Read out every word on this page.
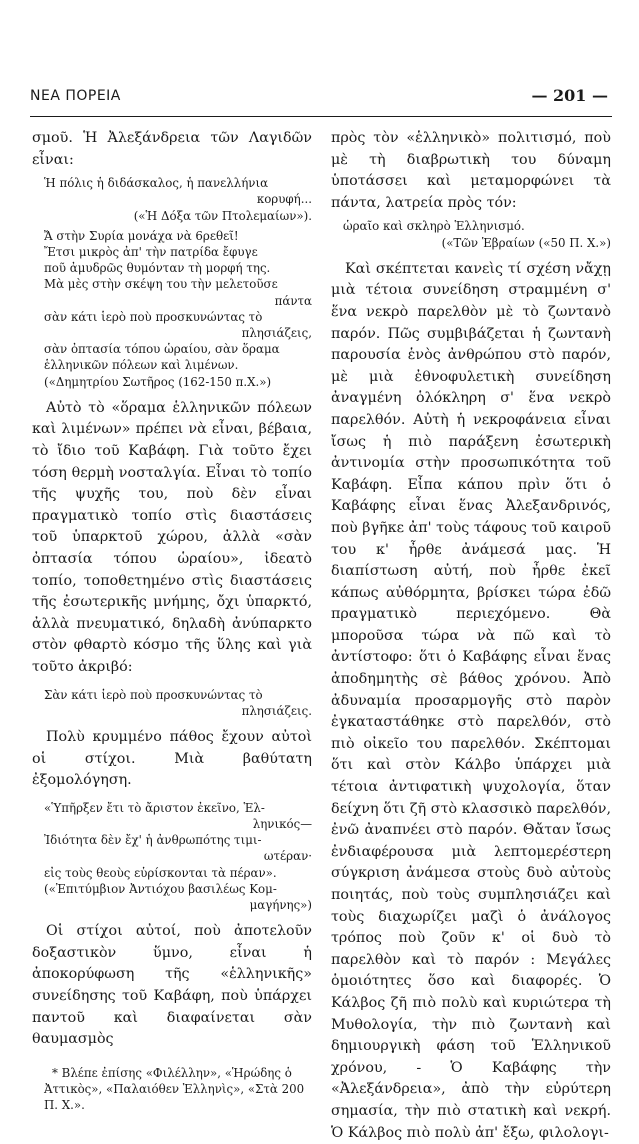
ΝΕΑ ΠΟΡΕΙΑ	— 201 —

σμοῦ. Ἡ Ἀλεξάνδρεια τῶν Λαγιδῶν εἶναι:

Ἡ πόλις ἡ διδάσκαλος, ἡ πανελλήνια
κορυφή...
(«Ἡ Δόξα τῶν Πτολεμαίων»).
Ἄ στὴν Συρία μονάχα νὰ 6ρεθεῖ!
Ἔτσι μικρὸς ἀπ' τὴν πατρίδα ἔφυγε
ποῦ ἀμυδρῶς θυμόνταν τὴ μορφή της.
Μὰ μὲς στὴν σκέψη του τὴν μελετοῦσε
πάντα
σὰν κάτι ἱερὸ ποὺ προσκυνώντας τὸ
πλησιάζεις,
σὰν ὀπτασία τόπου ὡραίου, σὰν ὅραμα
ἑλληνικῶν πόλεων καὶ λιμένων.
(«Δημητρίου Σωτῆρος (162-150 π.Χ.»)

Αὐτὸ τὸ «ὅραμα ἑλληνικῶν πόλεων καὶ λιμένων» πρέπει νὰ εἶναι, βέβαια, τὸ ἴδιο τοῦ Καβάφη. Γιὰ τοῦτο ἔχει τόση θερμὴ νοσταλγία. Εἶναι τὸ τοπίο τῆς ψυχῆς του, ποὺ δὲν εἶναι πραγματικὸ τοπίο στὶς διαστάσεις τοῦ ὑπαρκτοῦ χώρου, ἀλλὰ «σὰν ὀπτασία τόπου ὡραίου», ἰδεατὸ τοπίο, τοποθετημένο στὶς διαστάσεις τῆς ἐσωτερικῆς μνήμης, ὄχι ὑπαρκτό, ἀλλὰ πνευματικό, δηλαδὴ ἀνύπαρκτο στὸν φθαρτὸ κόσμο τῆς ὕλης καὶ γιὰ τοῦτο ἀκριβό:

Σὰν κάτι ἱερὸ ποὺ προσκυνώντας τὸ
πλησιάζεις.

Πολὺ κρυμμένο πάθος ἔχουν αὐτοὶ οἱ στίχοι. Μιὰ βαθύτατη ἐξομολόγηση.

«Ὑπῆρξεν ἔτι τὸ ἄριστον ἐκεῖνο, Ἑλ-
ληνικός—
Ἰδιότητα δὲν ἔχ' ἡ ἀνθρωπότης τιμι-
ωτέραν·
εἰς τοὺς θεοὺς εὑρίσκονται τὰ πέραν».
(«Ἐπιτύμβιον Ἀντιόχου βασιλέως Κομ-
μαγήνης»)

Οἱ στίχοι αὐτοί, ποὺ ἀποτελοῦν δοξαστικὸν ὕμνο, εἶναι ἡ ἀποκορύφωση τῆς «ἑλληνικῆς» συνείδησης τοῦ Καβάφη, ποὺ ὑπάρχει παντοῦ καὶ διαφαίνεται σὰν θαυμασμὸς

* Βλέπε ἐπίσης «Φιλέλλην», «Ἡρώδης ὁ Ἀττικὸς», «Παλαιόθεν Ἑλληνὶς», «Στὰ 200 Π. Χ.».

πρὸς τὸν «ἑλληνικὸ» πολιτισμό, ποὺ μὲ τὴ διαβρωτικὴ του δύναμη ὑποτάσσει καὶ μεταμορφώνει τὰ πάντα, λατρεία πρὸς τόν:

ὡραῖο καὶ σκληρὸ Ἑλληνισμό.
(«Τῶν Ἑβραίων («50 Π. Χ.»)

Καὶ σκέπτεται κανεὶς τί σχέση νἄχῃ μιὰ τέτοια συνείδηση στραμμένη σ' ἕνα νεκρὸ παρελθὸν μὲ τὸ ζωντανὸ παρόν. Πῶς συμβιβάζεται ἡ ζωντανὴ παρουσία ἑνὸς ἀνθρώπου στὸ παρόν, μὲ μιὰ ἐθνοφυλετικὴ συνείδηση ἀναγμένη ὁλόκληρη σ' ἕνα νεκρὸ παρελθόν. Αὐτὴ ἡ νεκροφάνεια εἶναι ἴσως ἡ πιὸ παράξενη ἐσωτερικὴ ἀντινομία στὴν προσωπικότητα τοῦ Καβάφη. Εἶπα κάπου πρὶν ὅτι ὁ Καβάφης εἶναι ἕνας Ἀλεξανδρινός, ποὺ βγῆκε ἀπ' τοὺς τάφους τοῦ καιροῦ του κ' ἦρθε ἀνάμεσά μας. Ἡ διαπίστωση αὐτή, ποὺ ἦρθε ἐκεῖ κάπως αὐθόρμητα, βρίσκει τώρα ἐδῶ πραγματικὸ περιεχόμενο. Θὰ μποροῦσα τώρα νὰ πῶ καὶ τὸ ἀντίστοφο: ὅτι ὁ Καβάφης εἶναι ἕνας ἀποδημητὴς σὲ βάθος χρόνου. Ἀπὸ ἀδυναμία προσαρμογῆς στὸ παρὸν ἐγκαταστάθηκε στὸ παρελθόν, στὸ πιὸ οἰκεῖο του παρελθόν. Σκέπτομαι ὅτι καὶ στὸν Κάλβο ὑπάρχει μιὰ τέτοια ἀντιφατικὴ ψυχολογία, ὅταν δείχνη ὅτι ζῆ στὸ κλασσικὸ παρελθόν, ἐνῶ ἀναπνέει στὸ παρόν. Θἄταν ἴσως ἐνδιαφέρουσα μιὰ λεπτομερέστερη σύγκριση ἀνάμεσα στοὺς δυὸ αὐτοὺς ποιητάς, ποὺ τοὺς συμπλησιάζει καὶ τοὺς διαχωρίζει μαζὶ ὁ ἀνάλογος τρόπος ποὺ ζοῦν κ' οἱ δυὸ τὸ παρελθὸν καὶ τὸ παρόν : Μεγάλες ὁμοιότητες ὅσο καὶ διαφορές. Ὁ Κάλβος ζῆ πιὸ πολὺ καὶ κυριώτερα τὴ Μυθολογία, τὴν πιὸ ζωντανὴ καὶ δημιουργικὴ φάση τοῦ Ἑλληνικοῦ χρόνου, - Ὁ Καβάφης τὴν «Ἀλεξάνδρεια», ἀπὸ τὴν εὐρύτερη σημασία, τὴν πιὸ στατικὴ καὶ νεκρή. Ὁ Κάλβος πιὸ πολὺ ἀπ' ἔξω, φιλολογι-
